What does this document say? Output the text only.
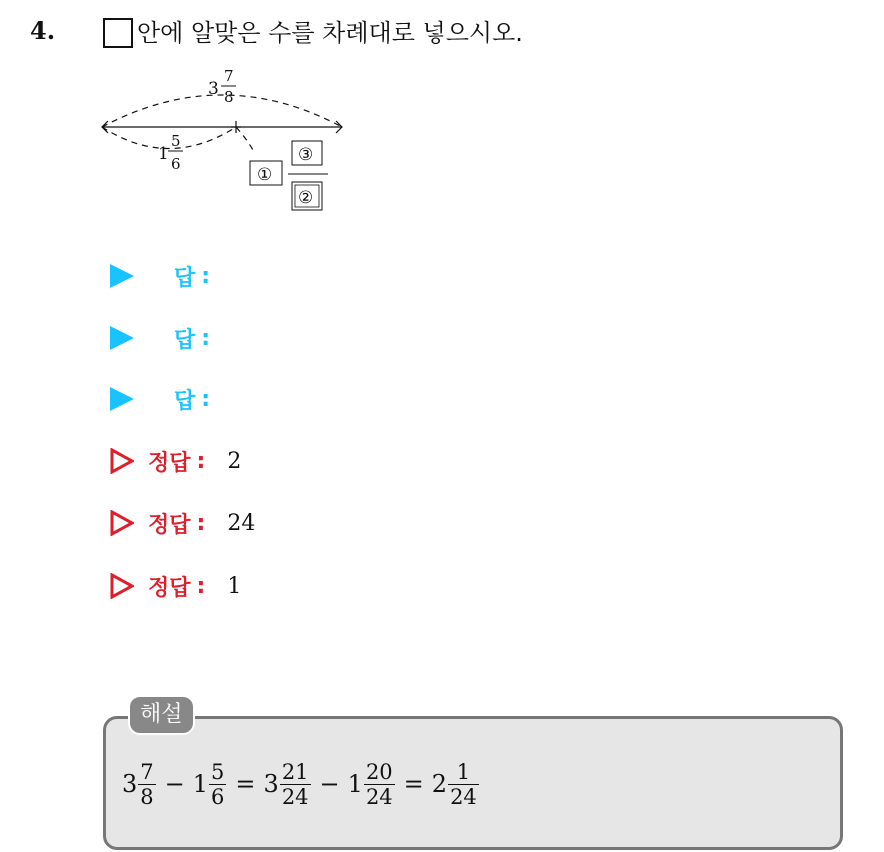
4.	안에 알맞은 수를 차례대로 넣으시오.
3
7
8
1
5
6
①
③
②
답 :
답 :
답 :
정답 : 2
정답 : 24
정답 : 1
해설
$3 \frac{7}{8} - 1 \frac{5}{6} = 3 \frac{21}{24} - 1 \frac{20}{24} = 2 \frac{1}{24}$
